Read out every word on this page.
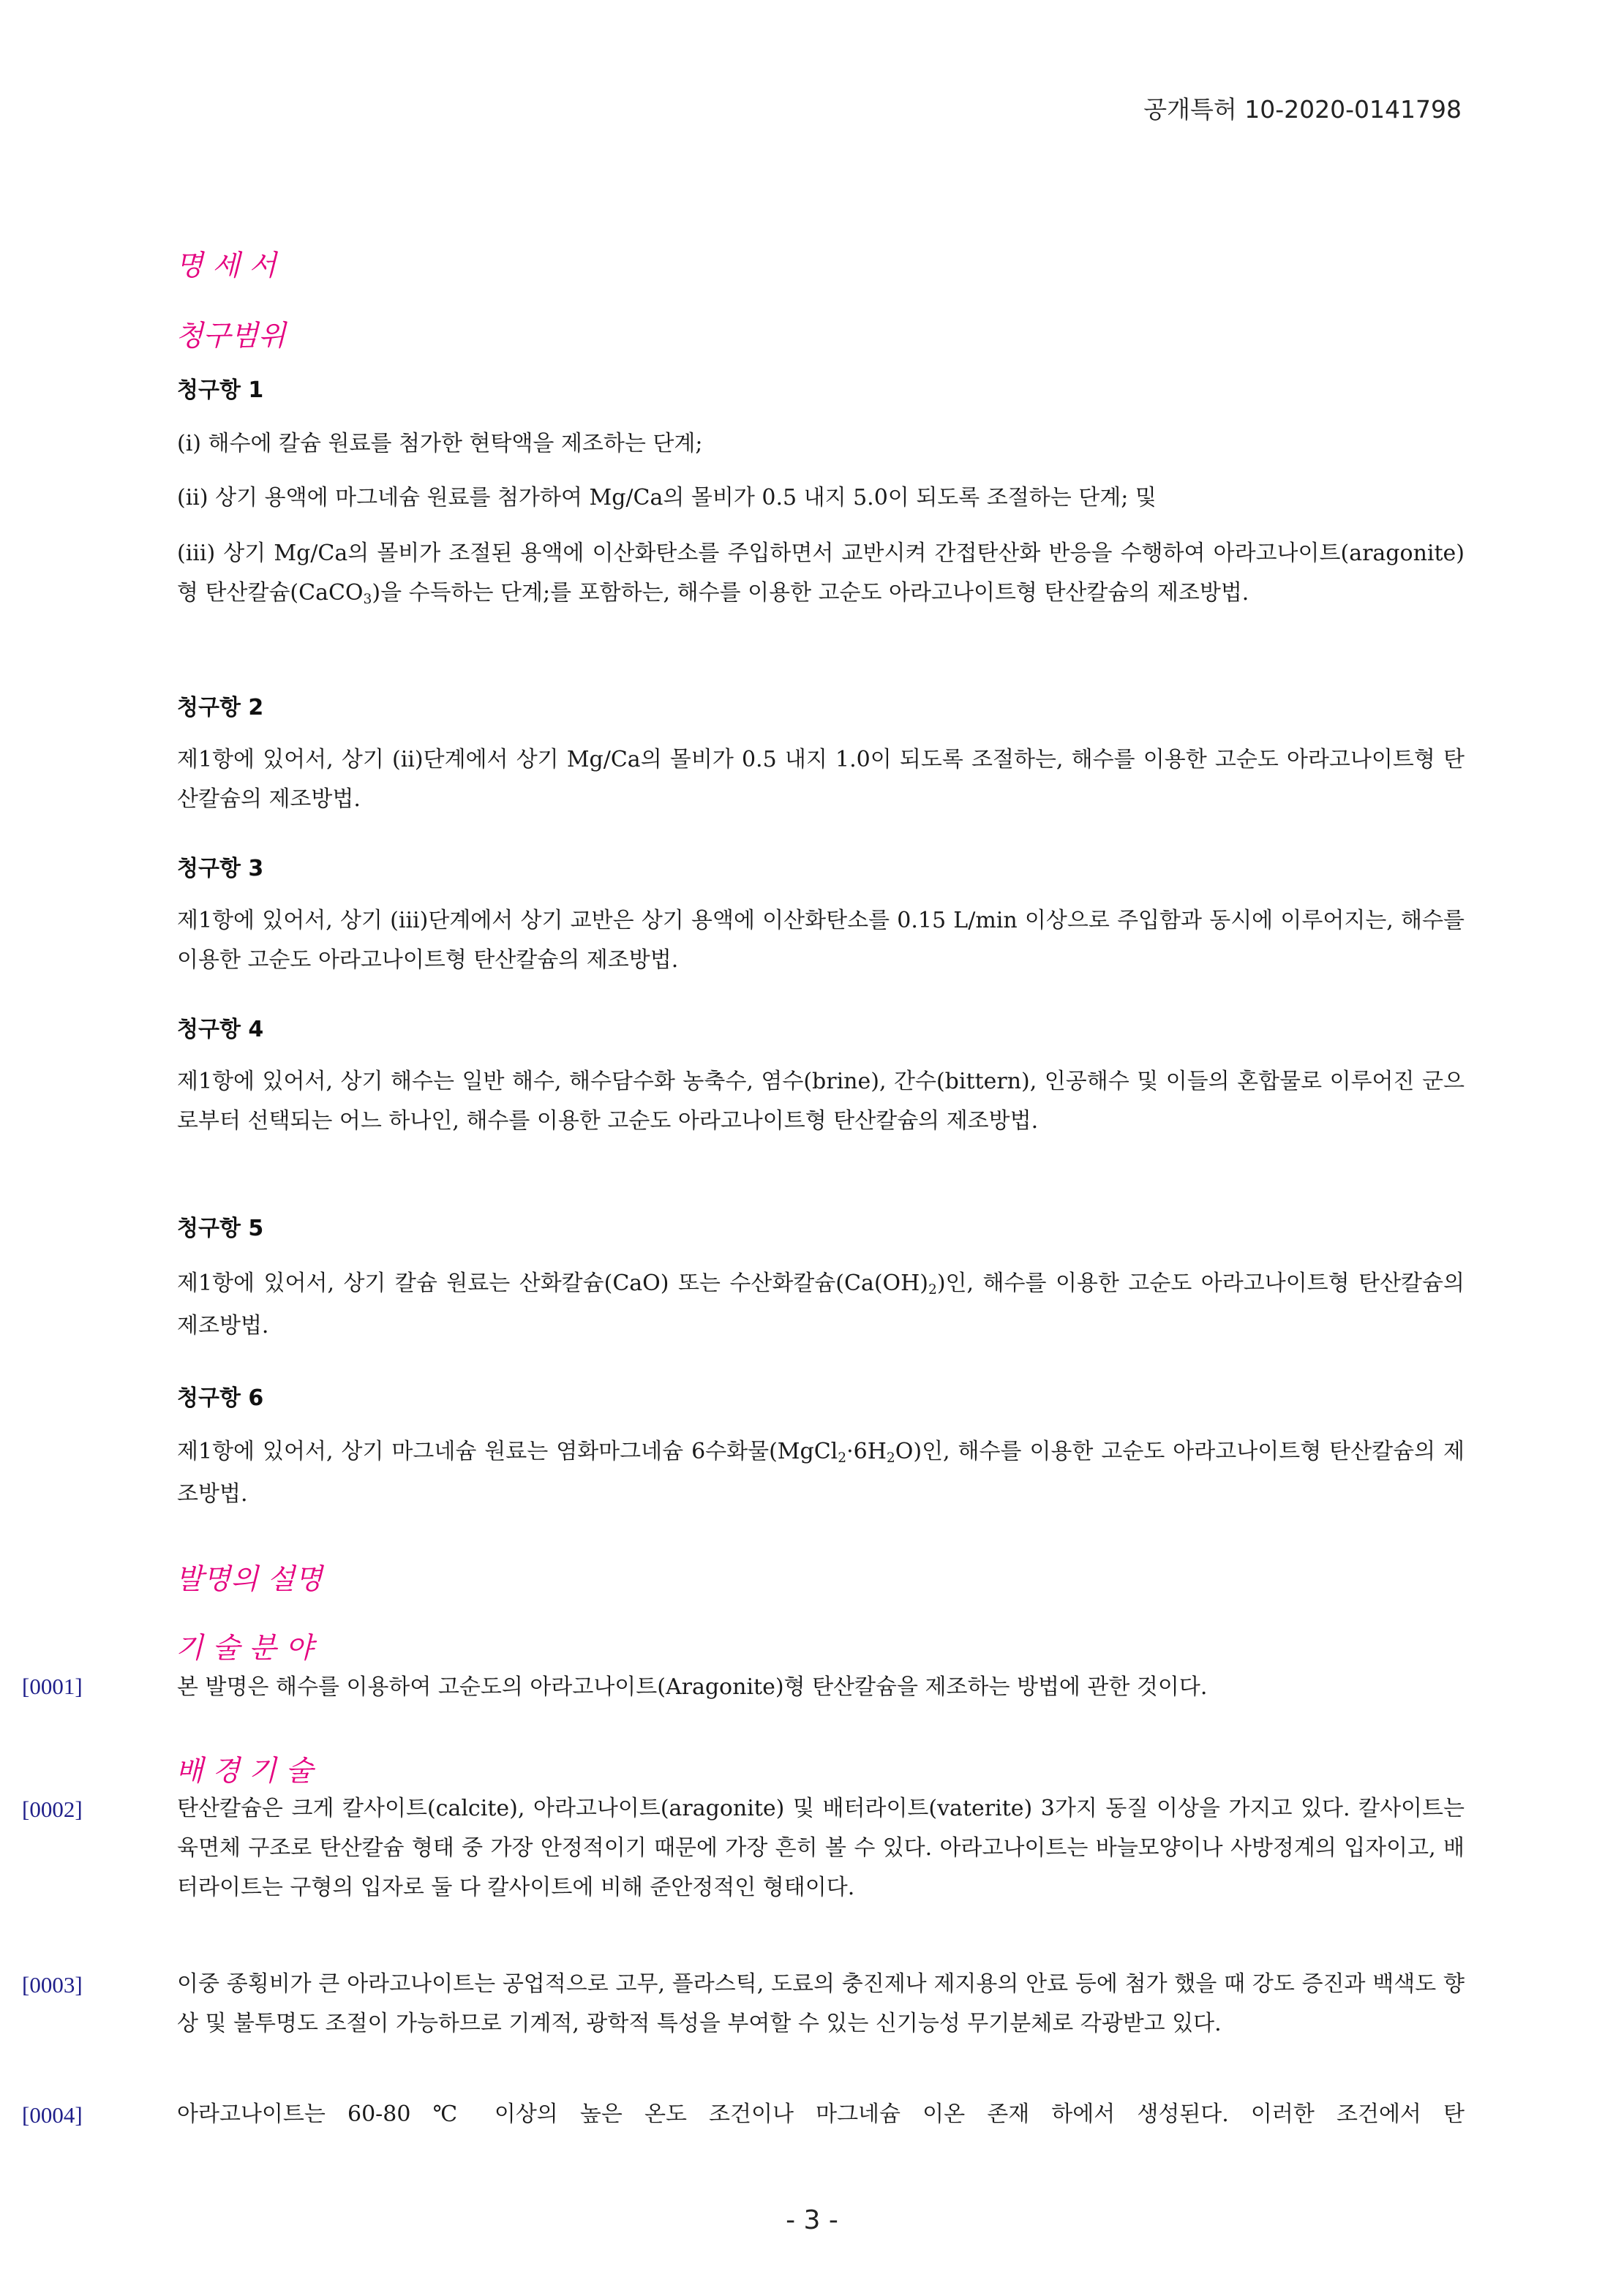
공개특허 10-2020-0141798
명 세 서
청구범위
청구항 1

(i) 해수에 칼슘 원료를 첨가한 현탁액을 제조하는 단계;

(ii) 상기 용액에 마그네슘 원료를 첨가하여 Mg/Ca의 몰비가 0.5 내지 5.0이 되도록 조절하는 단계; 및

(iii) 상기 Mg/Ca의 몰비가 조절된 용액에 이산화탄소를 주입하면서 교반시켜 간접탄산화 반응을 수행하여 아라고나이트(aragonite)형 탄산칼슘(CaCO$_3$)을 수득하는 단계;를 포함하는, 해수를 이용한 고순도 아라고나이트형 탄산칼슘의 제조방법.

청구항 2

제1항에 있어서, 상기 (ii)단계에서 상기 Mg/Ca의 몰비가 0.5 내지 1.0이 되도록 조절하는, 해수를 이용한 고순도 아라고나이트형 탄산칼슘의 제조방법.

청구항 3

제1항에 있어서, 상기 (iii)단계에서 상기 교반은 상기 용액에 이산화탄소를 0.15 L/min 이상으로 주입함과 동시에 이루어지는, 해수를 이용한 고순도 아라고나이트형 탄산칼슘의 제조방법.

청구항 4

제1항에 있어서, 상기 해수는 일반 해수, 해수담수화 농축수, 염수(brine), 간수(bittern), 인공해수 및 이들의 혼합물로 이루어진 군으로부터 선택되는 어느 하나인, 해수를 이용한 고순도 아라고나이트형 탄산칼슘의 제조방법.

청구항 5

제1항에 있어서, 상기 칼슘 원료는 산화칼슘(CaO) 또는 수산화칼슘$(Ca(OH)_2)$인, 해수를 이용한 고순도 아라고나이트형 탄산칼슘의 제조방법.

청구항 6

제1항에 있어서, 상기 마그네슘 원료는 염화마그네슘 6수화물$(MgCl_2\cdot 6H_2O)$인, 해수를 이용한 고순도 아라고나이트형 탄산칼슘의 제조방법.

발명의 설명
기 술 분 야
[0001]	본 발명은 해수를 이용하여 고순도의 아라고나이트(Aragonite)형 탄산칼슘을 제조하는 방법에 관한 것이다.

배 경 기 술
[0002]	탄산칼슘은 크게 칼사이트(calcite), 아라고나이트(aragonite) 및 배터라이트(vaterite) 3가지 동질 이상을 가지고 있다. 칼사이트는 육면체 구조로 탄산칼슘 형태 중 가장 안정적이기 때문에 가장 흔히 볼 수 있다. 아라고나이트는 바늘모양이나 사방정계의 입자이고, 배터라이트는 구형의 입자로 둘 다 칼사이트에 비해 준안정적인 형태이다.

[0003]	이중 종횡비가 큰 아라고나이트는 공업적으로 고무, 플라스틱, 도료의 충진제나 제지용의 안료 등에 첨가 했을 때 강도 증진과 백색도 향상 및 불투명도 조절이 가능하므로 기계적, 광학적 특성을 부여할 수 있는 신기능성 무기분체로 각광받고 있다.

[0004]	아라고나이트는 60-80 ℃ 이상의 높은 온도 조건이나 마그네슘 이온 존재 하에서 생성된다. 이러한 조건에서 탄

- 3 -
